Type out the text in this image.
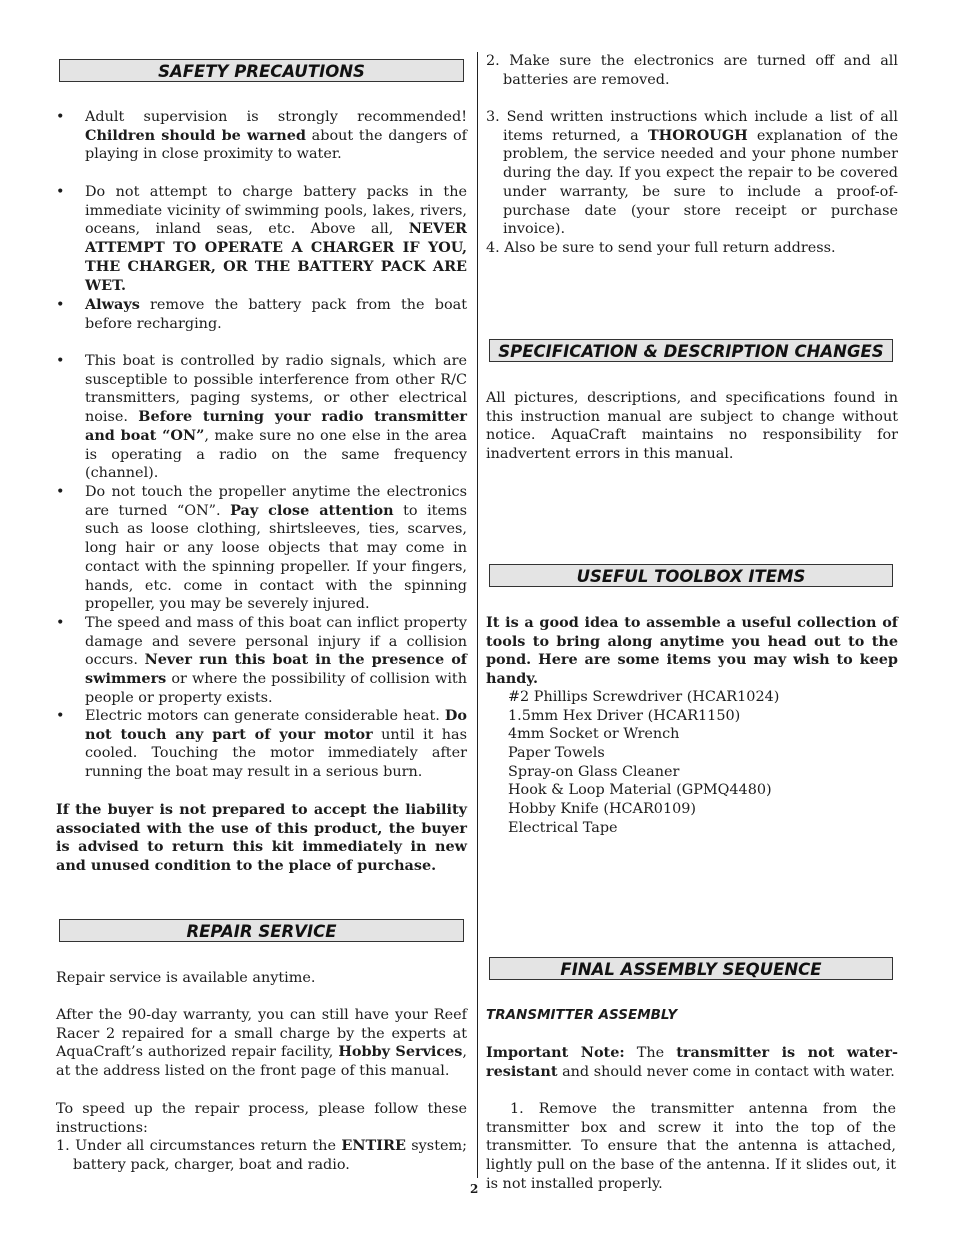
SAFETY PRECAUTIONS
• Adult supervision is strongly recommended! Children should be warned about the dangers of playing in close proximity to water.

• Do not attempt to charge battery packs in the immediate vicinity of swimming pools, lakes, rivers, oceans, inland seas, etc. Above all, NEVER ATTEMPT TO OPERATE A CHARGER IF YOU, THE CHARGER, OR THE BATTERY PACK ARE WET.

• Always remove the battery pack from the boat before recharging.

• This boat is controlled by radio signals, which are susceptible to possible interference from other R/C transmitters, paging systems, or other electrical noise. Before turning your radio transmitter and boat “ON”, make sure no one else in the area is operating a radio on the same frequency (channel).

• Do not touch the propeller anytime the electronics are turned “ON”. Pay close attention to items such as loose clothing, shirtsleeves, ties, scarves, long hair or any loose objects that may come in contact with the spinning propeller. If your fingers, hands, etc. come in contact with the spinning propeller, you may be severely injured.

• The speed and mass of this boat can inflict property damage and severe personal injury if a collision occurs. Never run this boat in the presence of swimmers or where the possibility of collision with people or property exists.

• Electric motors can generate considerable heat. Do not touch any part of your motor until it has cooled. Touching the motor immediately after running the boat may result in a serious burn.

If the buyer is not prepared to accept the liability associated with the use of this product, the buyer is advised to return this kit immediately in new and unused condition to the place of purchase.

REPAIR SERVICE

Repair service is available anytime.

After the 90-day warranty, you can still have your Reef Racer 2 repaired for a small charge by the experts at AquaCraft’s authorized repair facility, Hobby Services, at the address listed on the front page of this manual.

To speed up the repair process, please follow these instructions:

1. Under all circumstances return the ENTIRE system; battery pack, charger, boat and radio.

2. Make sure the electronics are turned off and all batteries are removed.

3. Send written instructions which include a list of all items returned, a THOROUGH explanation of the problem, the service needed and your phone number during the day. If you expect the repair to be covered under warranty, be sure to include a proof-of-purchase date (your store receipt or purchase invoice).

4. Also be sure to send your full return address.

SPECIFICATION & DESCRIPTION CHANGES

All pictures, descriptions, and specifications found in this instruction manual are subject to change without notice. AquaCraft maintains no responsibility for inadvertent errors in this manual.

USEFUL TOOLBOX ITEMS

It is a good idea to assemble a useful collection of tools to bring along anytime you head out to the pond. Here are some items you may wish to keep handy.

#2 Phillips Screwdriver (HCAR1024)
1.5mm Hex Driver (HCAR1150)
4mm Socket or Wrench
Paper Towels
Spray-on Glass Cleaner
Hook & Loop Material (GPMQ4480)
Hobby Knife (HCAR0109)
Electrical Tape
FINAL ASSEMBLY SEQUENCE
TRANSMITTER ASSEMBLY

Important Note: The transmitter is not water-resistant and should never come in contact with water.

1. Remove the transmitter antenna from the transmitter box and screw it into the top of the transmitter. To ensure that the antenna is attached, lightly pull on the base of the antenna. If it slides out, it is not installed properly.

2
